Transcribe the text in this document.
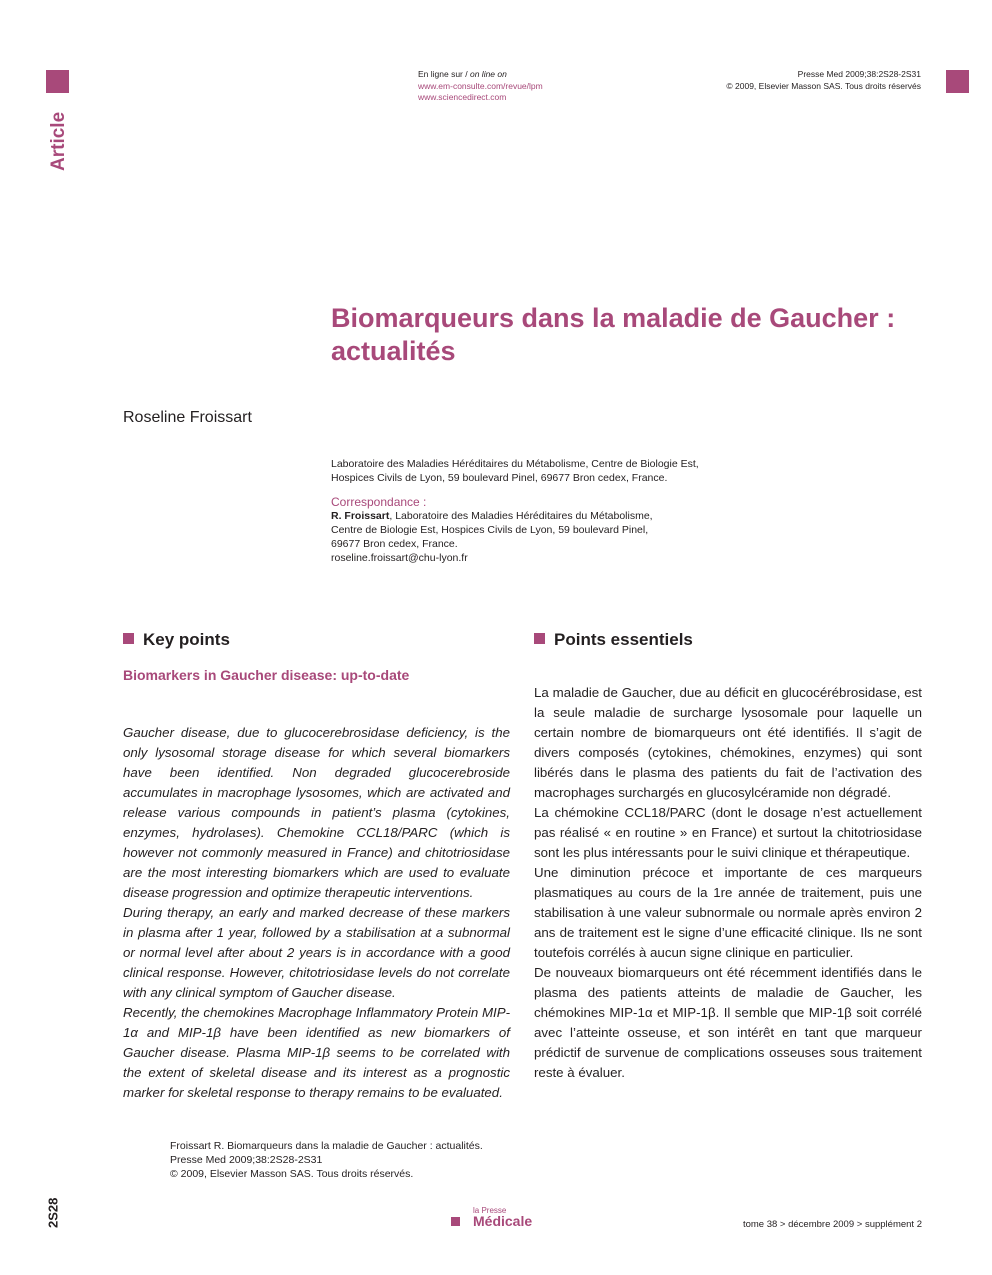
Article
En ligne sur / on line on
www.em-consulte.com/revue/lpm
www.sciencedirect.com
Presse Med 2009;38:2S28-2S31
© 2009, Elsevier Masson SAS. Tous droits réservés
Biomarqueurs dans la maladie de Gaucher : actualités
Roseline Froissart
Laboratoire des Maladies Héréditaires du Métabolisme, Centre de Biologie Est,
Hospices Civils de Lyon, 59 boulevard Pinel, 69677 Bron cedex, France.
Correspondance :
R. Froissart, Laboratoire des Maladies Héréditaires du Métabolisme,
Centre de Biologie Est, Hospices Civils de Lyon, 59 boulevard Pinel,
69677 Bron cedex, France.
roseline.froissart@chu-lyon.fr
Key points	Points essentiels
Biomarkers in Gaucher disease: up-to-date

Gaucher disease, due to glucocerebrosidase deficiency, is the only lysosomal storage disease for which several biomarkers have been identified. Non degraded glucocerebroside accumulates in macrophage lysosomes, which are activated and release various compounds in patient’s plasma (cytokines, enzymes, hydrolases). Chemokine CCL18/PARC (which is however not commonly measured in France) and chitotriosidase are the most interesting biomarkers which are used to evaluate disease progression and optimize therapeutic interventions.

During therapy, an early and marked decrease of these markers in plasma after 1 year, followed by a stabilisation at a subnormal or normal level after about 2 years is in accordance with a good clinical response. However, chitotriosidase levels do not correlate with any clinical symptom of Gaucher disease.

Recently, the chemokines Macrophage Inflammatory Protein MIP-1α and MIP-1β have been identified as new biomarkers of Gaucher disease. Plasma MIP-1β seems to be correlated with the extent of skeletal disease and its interest as a prognostic marker for skeletal response to therapy remains to be evaluated.

La maladie de Gaucher, due au déficit en glucocérébrosidase, est la seule maladie de surcharge lysosomale pour laquelle un certain nombre de biomarqueurs ont été identifiés. Il s’agit de divers composés (cytokines, chémokines, enzymes) qui sont libérés dans le plasma des patients du fait de l’activation des macrophages surchargés en glucosylcéramide non dégradé.

La chémokine CCL18/PARC (dont le dosage n’est actuellement pas réalisé « en routine » en France) et surtout la chitotriosidase sont les plus intéressants pour le suivi clinique et thérapeutique.

Une diminution précoce et importante de ces marqueurs plasmatiques au cours de la 1re année de traitement, puis une stabilisation à une valeur subnormale ou normale après environ 2 ans de traitement est le signe d’une efficacité clinique. Ils ne sont toutefois corrélés à aucun signe clinique en particulier.

De nouveaux biomarqueurs ont été récemment identifiés dans le plasma des patients atteints de maladie de Gaucher, les chémokines MIP-1α et MIP-1β. Il semble que MIP-1β soit corrélé avec l’atteinte osseuse, et son intérêt en tant que marqueur prédictif de survenue de complications osseuses sous traitement reste à évaluer.

Froissart R. Biomarqueurs dans la maladie de Gaucher : actualités.
Presse Med 2009;38:2S28-2S31
© 2009, Elsevier Masson SAS. Tous droits réservés.
2S28	la Presse
Médicale	tome 38 > décembre 2009 > supplément 2
